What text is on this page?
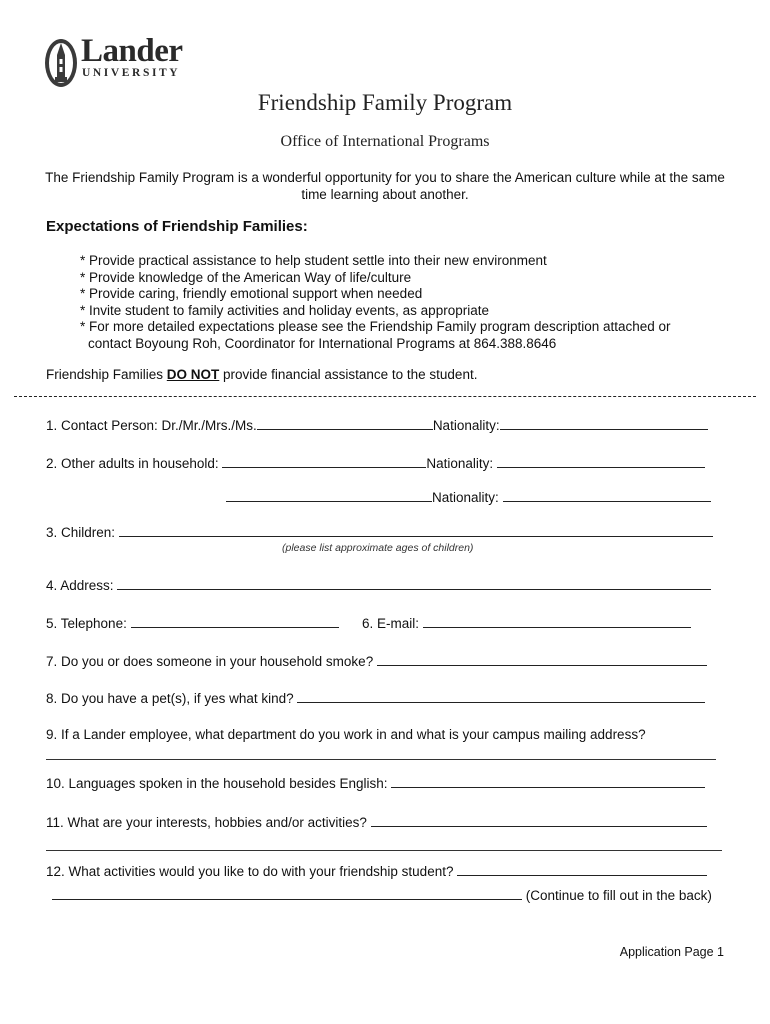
Lander
UNIVERSITY
Friendship Family Program
Office of International Programs
The Friendship Family Program is a wonderful opportunity for you to share the American culture while at the same time learning about another.
Expectations of Friendship Families:
* Provide practical assistance to help student settle into their new environment
* Provide knowledge of the American Way of life/culture
* Provide caring, friendly emotional support when needed
* Invite student to family activities and holiday events, as appropriate
* For more detailed expectations please see the Friendship Family program description attached or
contact Boyoung Roh, Coordinator for International Programs at 864.388.8646
Friendship Families DO NOT provide financial assistance to the student.
1. Contact Person: Dr./Mr./Mrs./Ms.	Nationality:
2. Other adults in household:	Nationality:
Nationality:
3. Children:
(please list approximate ages of children)
4. Address:
5. Telephone:	6. E-mail:
7. Do you or does someone in your household smoke?
8. Do you have a pet(s), if yes what kind?
9. If a Lander employee, what department do you work in and what is your campus mailing address?
10. Languages spoken in the household besides English:
11. What are your interests, hobbies and/or activities?
12. What activities would you like to do with your friendship student?
(Continue to fill out in the back)
Application Page 1
